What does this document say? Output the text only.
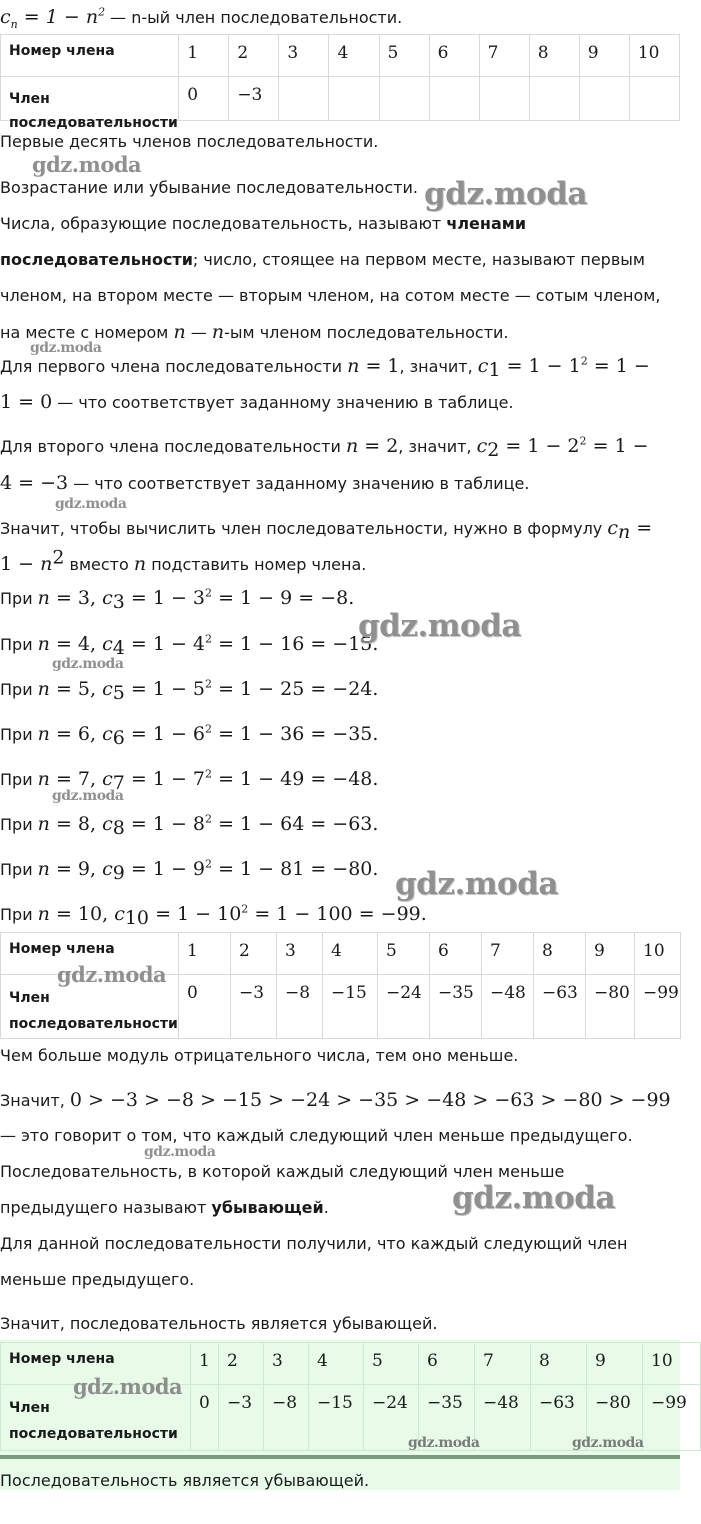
$c_n = 1 - n^2$ — n-ый член последовательности.
Номер члена	1	2	3	4	5	6	7	8	9	10

Член последовательности	0	−3								
Первые десять членов последовательности.
Возрастание или убывание последовательности.
Числа, образующие последовательность, называют членами
последовательности; число, стоящее на первом месте, называют первым
членом, на втором месте — вторым членом, на сотом месте — сотым членом,
на месте с номером n — n-ым членом последовательности.
Для первого члена последовательности n = 1, значит, $c_1 = 1 - 1^2 = 1$ −
1 = 0 — что соответствует заданному значению в таблице.
Для второго члена последовательности n = 2, значит, $c_2 = 1 - 2^2 = 1$ −
4 = −3 — что соответствует заданному значению в таблице.
Значит, чтобы вычислить член последовательности, нужно в формулу $c_n$ =
$1 - n^2$ вместо n подставить номер члена.
При n = 3, $c_3 = 1 - 3^2 = 1 - 9 = -8$.
При n = 4, $c_4 = 1 - 4^2 = 1 - 16 = -15$.
При n = 5, $c_5 = 1 - 5^2 = 1 - 25 = -24$.
При n = 6, $c_6 = 1 - 6^2 = 1 - 36 = -35$.
При n = 7, $c_7 = 1 - 7^2 = 1 - 49 = -48$.
При n = 8, $c_8 = 1 - 8^2 = 1 - 64 = -63$.
При n = 9, $c_9 = 1 - 9^2 = 1 - 81 = -80$.
При n = 10, $c_{10} = 1 - 10^2 = 1 - 100 = -99$.
Номер члена	1	2	3	4	5	6	7	8	9	10

Член последовательности	0	−3	−8	−15	−24	−35	−48	−63	−80	−99
Чем больше модуль отрицательного числа, тем оно меньше.
Значит, 0 > −3 > −8 > −15 > −24 > −35 > −48 > −63 > −80 > −99
— это говорит о том, что каждый следующий член меньше предыдущего.
Последовательность, в которой каждый следующий член меньше
предыдущего называют убывающей.
Для данной последовательности получили, что каждый следующий член
меньше предыдущего.
Значит, последовательность является убывающей.
Номер члена	1	2	3	4	5	6	7	8	9	10

Член последовательности	0	−3	−8	−15	−24	−35	−48	−63	−80	−99
Последовательность является убывающей.
gdz.moda
gdz.moda
gdz.moda
gdz.moda
gdz.moda
gdz.moda
gdz.moda
gdz.moda
gdz.moda
gdz.moda
gdz.moda
gdz.moda
gdz.moda	gdz.moda
